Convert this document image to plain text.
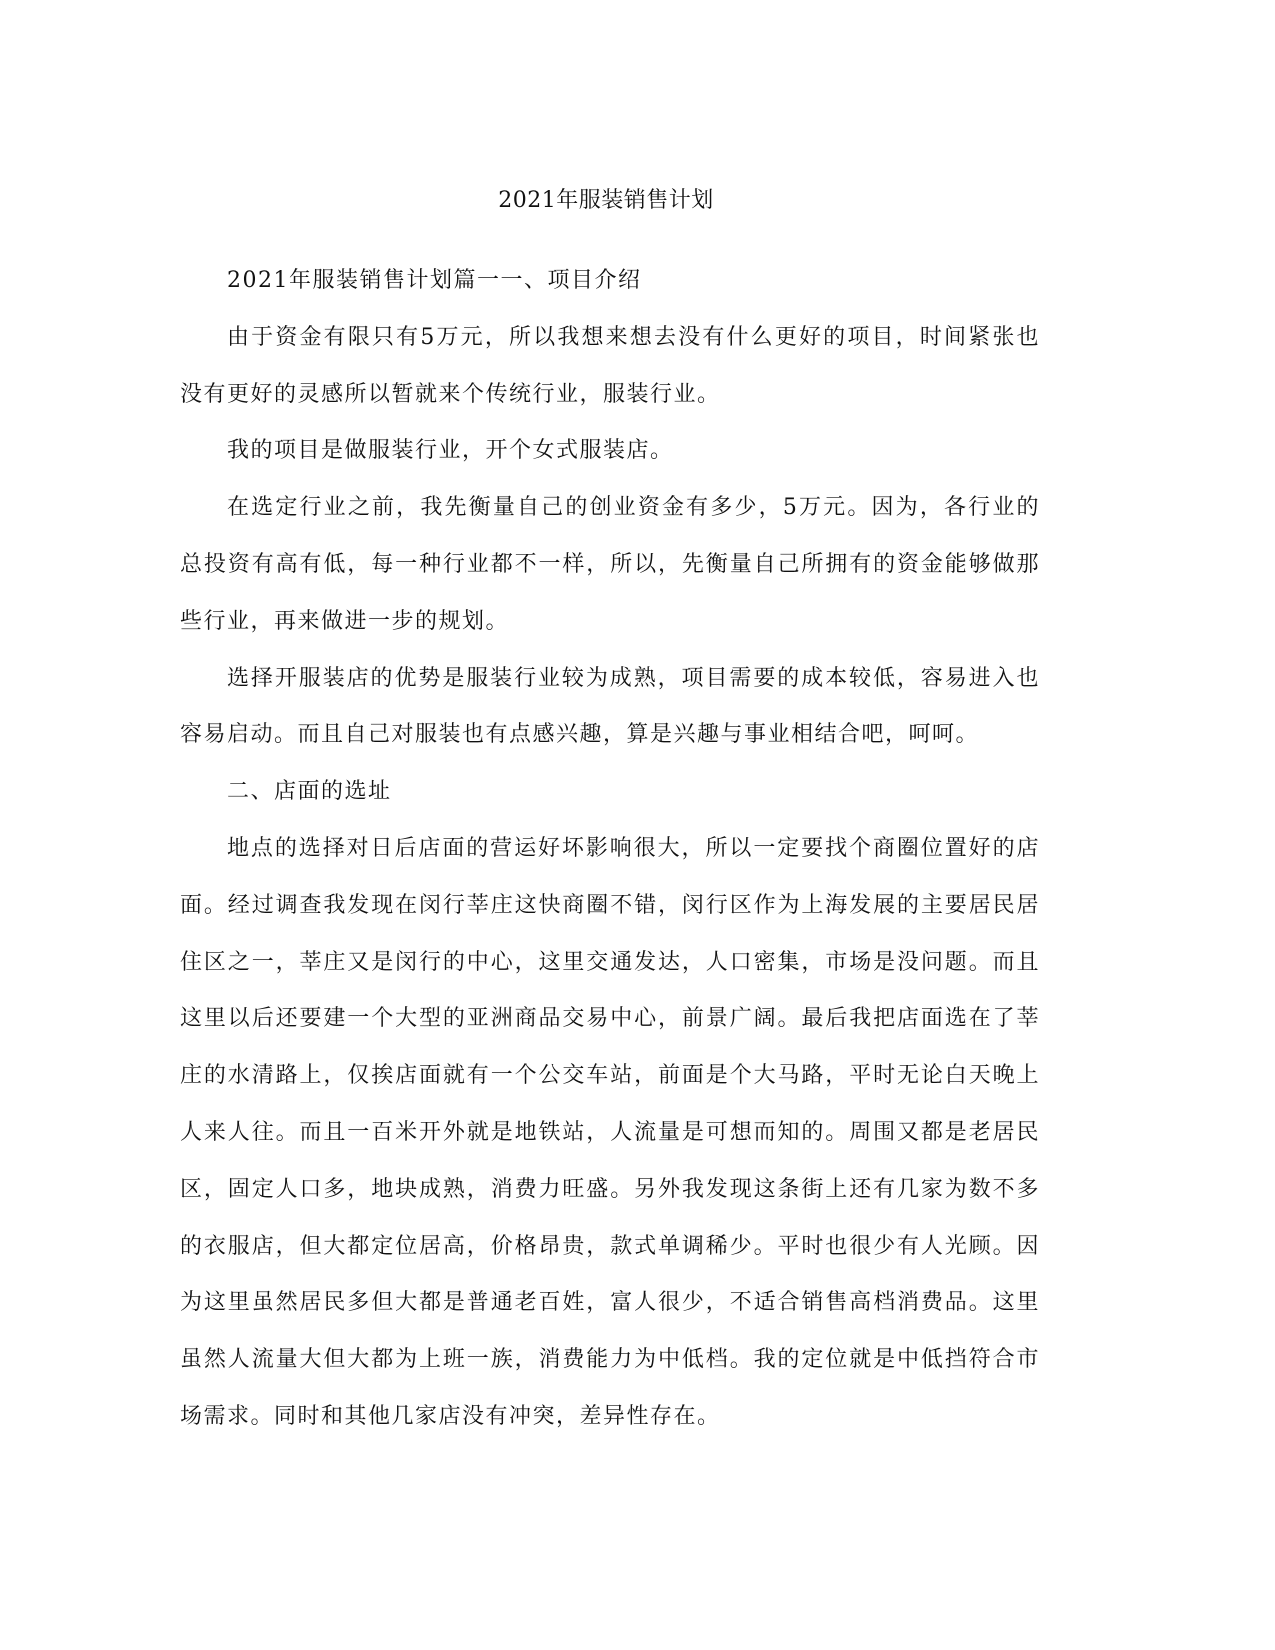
2021年服装销售计划

2021年服装销售计划篇一一、项目介绍

由于资金有限只有5万元，所以我想来想去没有什么更好的项目，时间紧张也没有更好的灵感所以暂就来个传统行业，服装行业。

我的项目是做服装行业，开个女式服装店。

在选定行业之前，我先衡量自己的创业资金有多少，5万元。因为，各行业的总投资有高有低，每一种行业都不一样，所以，先衡量自己所拥有的资金能够做那些行业，再来做进一步的规划。

选择开服装店的优势是服装行业较为成熟，项目需要的成本较低，容易进入也容易启动。而且自己对服装也有点感兴趣，算是兴趣与事业相结合吧，呵呵。

二、店面的选址

地点的选择对日后店面的营运好坏影响很大，所以一定要找个商圈位置好的店面。经过调查我发现在闵行莘庄这快商圈不错，闵行区作为上海发展的主要居民居住区之一，莘庄又是闵行的中心，这里交通发达，人口密集，市场是没问题。而且这里以后还要建一个大型的亚洲商品交易中心，前景广阔。最后我把店面选在了莘庄的水清路上，仅挨店面就有一个公交车站，前面是个大马路，平时无论白天晚上人来人往。而且一百米开外就是地铁站，人流量是可想而知的。周围又都是老居民区，固定人口多，地块成熟，消费力旺盛。另外我发现这条街上还有几家为数不多的衣服店，但大都定位居高，价格昂贵，款式单调稀少。平时也很少有人光顾。因为这里虽然居民多但大都是普通老百姓，富人很少，不适合销售高档消费品。这里虽然人流量大但大都为上班一族，消费能力为中低档。我的定位就是中低挡符合市场需求。同时和其他几家店没有冲突，差异性存在。
